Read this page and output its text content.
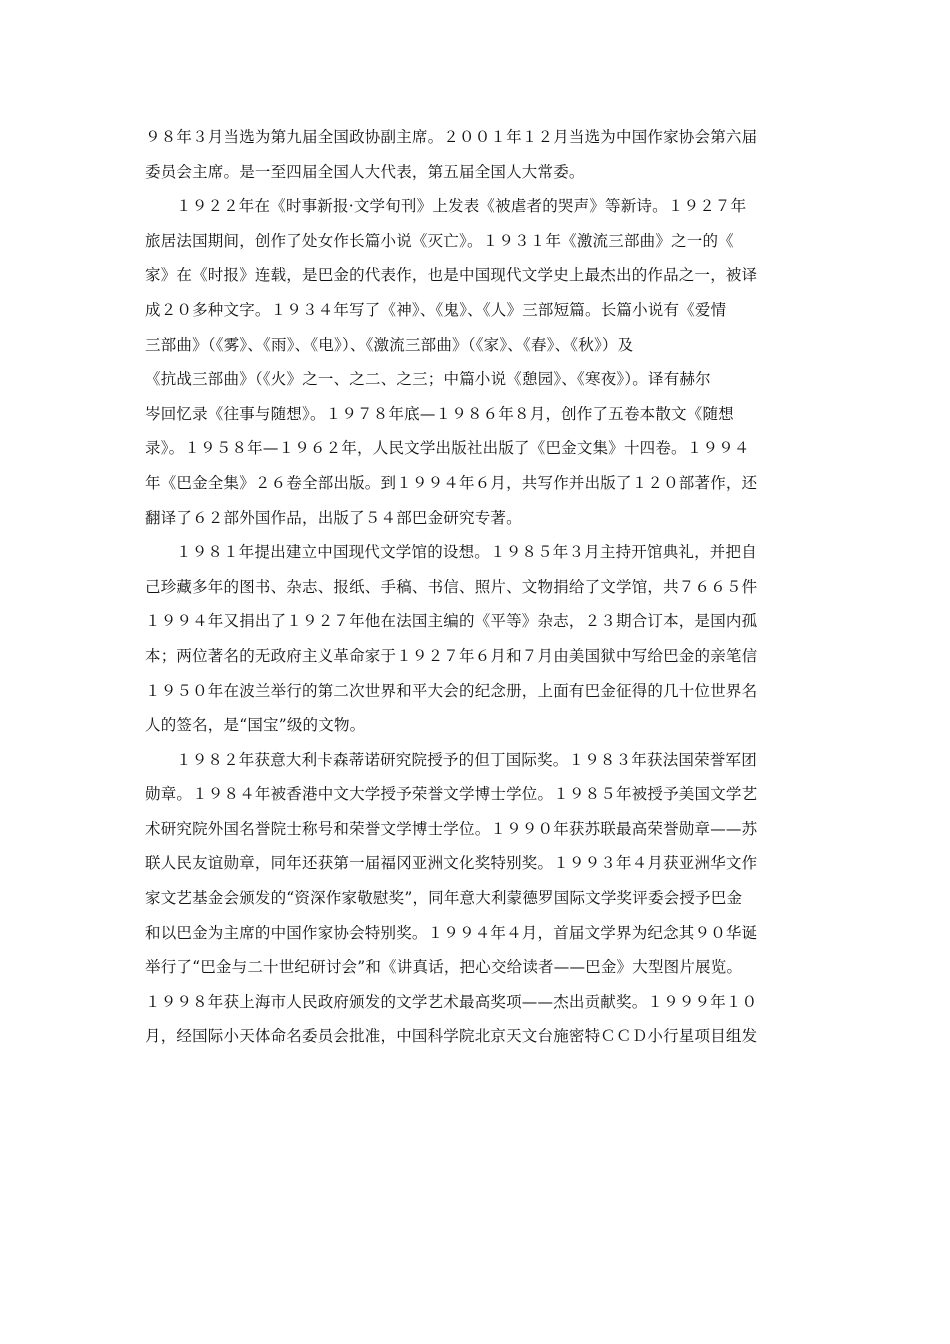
９８年３月当选为第九届全国政协副主席。２００１年１２月当选为中国作家协会第六届
委员会主席。是一至四届全国人大代表，第五届全国人大常委。
１９２２年在《时事新报·文学旬刊》上发表《被虐者的哭声》等新诗。１９２７年
旅居法国期间，创作了处女作长篇小说《灭亡》。１９３１年《激流三部曲》之一的《
家》在《时报》连载，是巴金的代表作，也是中国现代文学史上最杰出的作品之一，被译
成２０多种文字。１９３４年写了《神》、《鬼》、《人》三部短篇。长篇小说有《爱情
三部曲》（《雾》、《雨》、《电》）、《激流三部曲》（《家》、《春》、《秋》）及
《抗战三部曲》（《火》之一、之二、之三；中篇小说《憩园》、《寒夜》）。译有赫尔
岑回忆录《往事与随想》。１９７８年底—１９８６年８月，创作了五卷本散文《随想
录》。１９５８年—１９６２年，人民文学出版社出版了《巴金文集》十四卷。１９９４
年《巴金全集》２６卷全部出版。到１９９４年６月，共写作并出版了１２０部著作，还
翻译了６２部外国作品，出版了５４部巴金研究专著。
１９８１年提出建立中国现代文学馆的设想。１９８５年３月主持开馆典礼，并把自
己珍藏多年的图书、杂志、报纸、手稿、书信、照片、文物捐给了文学馆，共７６６５件
１９９４年又捐出了１９２７年他在法国主编的《平等》杂志，２３期合订本，是国内孤
本；两位著名的无政府主义革命家于１９２７年６月和７月由美国狱中写给巴金的亲笔信
１９５０年在波兰举行的第二次世界和平大会的纪念册，上面有巴金征得的几十位世界名
人的签名，是“国宝”级的文物。
１９８２年获意大利卡森蒂诺研究院授予的但丁国际奖。１９８３年获法国荣誉军团
勋章。１９８４年被香港中文大学授予荣誉文学博士学位。１９８５年被授予美国文学艺
术研究院外国名誉院士称号和荣誉文学博士学位。１９９０年获苏联最高荣誉勋章——苏
联人民友谊勋章，同年还获第一届福冈亚洲文化奖特别奖。１９９３年４月获亚洲华文作
家文艺基金会颁发的“资深作家敬慰奖”，同年意大利蒙德罗国际文学奖评委会授予巴金
和以巴金为主席的中国作家协会特别奖。１９９４年４月，首届文学界为纪念其９０华诞
举行了“巴金与二十世纪研讨会”和《讲真话，把心交给读者——巴金》大型图片展览。
１９９８年获上海市人民政府颁发的文学艺术最高奖项——杰出贡献奖。１９９９年１０
月，经国际小天体命名委员会批准，中国科学院北京天文台施密特ＣＣＤ小行星项目组发
